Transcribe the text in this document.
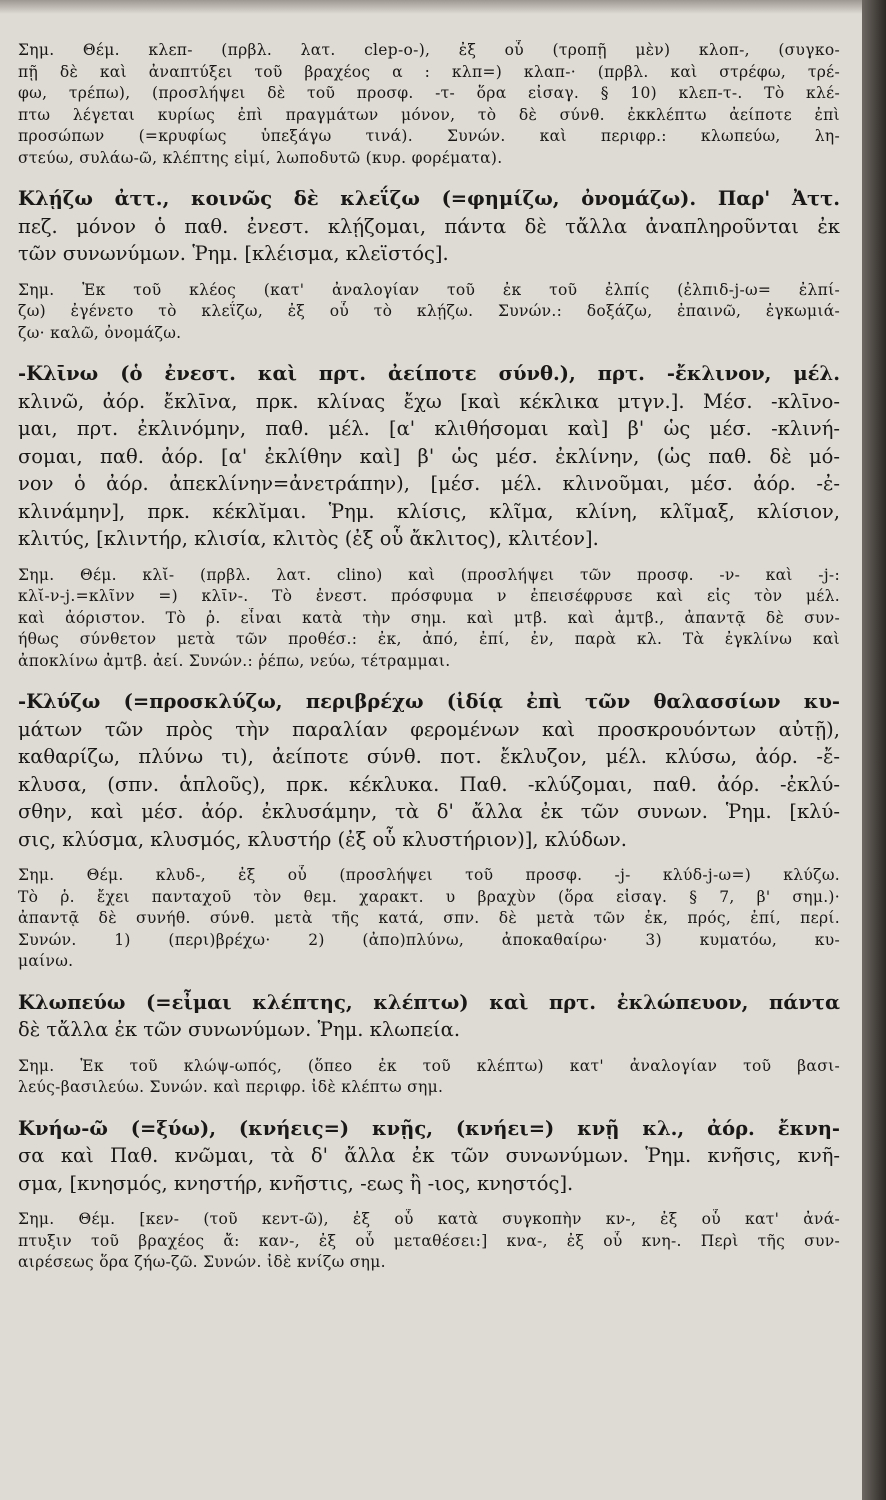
Σημ. Θέμ. κλεπ- (πρβλ. λατ. clep-o-), ἐξ οὗ (τροπῇ μὲν) κλοπ-, (συγκο-
πῇ δὲ καὶ ἀναπτύξει τοῦ βραχέος α : κλπ=) κλαπ-· (πρβλ. καὶ στρέφω, τρέ-
φω, τρέπω), (προσλήψει δὲ τοῦ προσφ. -τ- ὅρα εἰσαγ. § 10) κλεπ-τ-. Τὸ κλέ-
πτω λέγεται κυρίως ἐπὶ πραγμάτων μόνον, τὸ δὲ σύνθ. ἐκκλέπτω ἀείποτε ἐπὶ
προσώπων (=κρυφίως ὑπεξάγω τινά). Συνών. καὶ περιφρ.: κλωπεύω, λη-
στεύω, συλάω-ῶ, κλέπτης εἰμί, λωποδυτῶ (κυρ. φορέματα).
Κλῄζω ἀττ., κοινῶς δὲ κλεΐζω (=φημίζω, ὀνομάζω). Παρ' Ἀττ.
πεζ. μόνον ὁ παθ. ἐνεστ. κλῄζομαι, πάντα δὲ τἄλλα ἀναπληροῦνται ἐκ
τῶν συνωνύμων. Ῥημ. [κλέισμα, κλεϊστός].
Σημ. Ἐκ τοῦ κλέος (κατ' ἀναλογίαν τοῦ ἐκ τοῦ ἐλπίς (ἐλπιδ-j-ω= ἐλπί-
ζω) ἐγένετο τὸ κλεΐζω, ἐξ οὗ τὸ κλῄζω. Συνών.: δοξάζω, ἐπαινῶ, ἐγκωμιά-
ζω· καλῶ, ὀνομάζω.
-Κλῑνω (ὁ ἐνεστ. καὶ πρτ. ἀείποτε σύνθ.), πρτ. -ἔκλινον, μέλ.
κλινῶ, ἀόρ. ἔκλῑνα, πρκ. κλίνας ἔχω [καὶ κέκλικα μτγν.]. Μέσ. -κλῑνο-
μαι, πρτ. ἐκλινόμην, παθ. μέλ. [α' κλιθήσομαι καὶ] β' ὡς μέσ. -κλινή-
σομαι, παθ. ἀόρ. [α' ἐκλίθην καὶ] β' ὡς μέσ. ἐκλίνην, (ὡς παθ. δὲ μό-
νον ὁ ἀόρ. ἀπεκλίνην=ἀνετράπην), [μέσ. μέλ. κλινοῦμαι, μέσ. ἀόρ. -ἐ-
κλινάμην], πρκ. κέκλῐμαι. Ῥημ. κλίσις, κλῖμα, κλίνη, κλῖμαξ, κλίσιον,
κλιτύς, [κλιντήρ, κλισία, κλιτὸς (ἐξ οὗ ἄκλιτος), κλιτέον].
Σημ. Θέμ. κλῐ- (πρβλ. λατ. clino) καὶ (προσλήψει τῶν προσφ. -ν- καὶ -j-:
κλῐ-ν-j.=κλῖνν =) κλῑν-. Τὸ ἐνεστ. πρόσφυμα ν ἐπεισέφρυσε καὶ εἰς τὸν μέλ.
καὶ ἀόριστον. Τὸ ῥ. εἶναι κατὰ τὴν σημ. καὶ μτβ. καὶ ἀμτβ., ἀπαντᾷ δὲ συν-
ήθως σύνθετον μετὰ τῶν προθέσ.: ἐκ, ἀπό, ἐπί, ἐν, παρὰ κλ. Τὰ ἐγκλίνω καὶ
ἀποκλίνω ἀμτβ. ἀεί. Συνών.: ῥέπω, νεύω, τέτραμμαι.
-Κλύζω (=προσκλύζω, περιβρέχω (ἰδίᾳ ἐπὶ τῶν θαλασσίων κυ-
μάτων τῶν πρὸς τὴν παραλίαν φερομένων καὶ προσκρουόντων αὐτῇ),
καθαρίζω, πλύνω τι), ἀείποτε σύνθ. ποτ. ἔκλυζον, μέλ. κλύσω, ἀόρ. -ἔ-
κλυσα, (σπν. ἁπλοῦς), πρκ. κέκλυκα. Παθ. -κλύζομαι, παθ. ἀόρ. -ἐκλύ-
σθην, καὶ μέσ. ἀόρ. ἐκλυσάμην, τὰ δ' ἄλλα ἐκ τῶν συνων. Ῥημ. [κλύ-
σις, κλύσμα, κλυσμός, κλυστήρ (ἐξ οὗ κλυστήριον)], κλύδων.
Σημ. Θέμ. κλυδ-, ἐξ οὗ (προσλήψει τοῦ προσφ. -j- κλύδ-j-ω=) κλύζω.
Τὸ ῥ. ἔχει πανταχοῦ τὸν θεμ. χαρακτ. υ βραχὺν (ὅρα εἰσαγ. § 7, β' σημ.)·
ἀπαντᾷ δὲ συνήθ. σύνθ. μετὰ τῆς κατά, σπν. δὲ μετὰ τῶν ἐκ, πρός, ἐπί, περί.
Συνών. 1) (περι)βρέχω· 2) (ἀπο)πλύνω, ἀποκαθαίρω· 3) κυματόω, κυ-
μαίνω.
Κλωπεύω (=εἶμαι κλέπτης, κλέπτω) καὶ πρτ. ἐκλώπευον, πάντα
δὲ τἄλλα ἐκ τῶν συνωνύμων. Ῥημ. κλωπεία.
Σημ. Ἐκ τοῦ κλώψ-ωπός, (ὅπεο ἐκ τοῦ κλέπτω) κατ' ἀναλογίαν τοῦ βασι-
λεύς-βασιλεύω. Συνών. καὶ περιφρ. ἰδὲ κλέπτω σημ.
Κνήω-ῶ (=ξύω), (κνήεις=) κνῇς, (κνήει=) κνῇ κλ., ἀόρ. ἔκνη-
σα καὶ Παθ. κνῶμαι, τὰ δ' ἄλλα ἐκ τῶν συνωνύμων. Ῥημ. κνῆσις, κνῆ-
σμα, [κνησμός, κνηστήρ, κνῆστις, -εως ἢ -ιος, κνηστός].
Σημ. Θέμ. [κεν- (τοῦ κεντ-ῶ), ἐξ οὗ κατὰ συγκοπὴν κν-, ἐξ οὗ κατ' ἀνά-
πτυξιν τοῦ βραχέος ἄ: καν-, ἐξ οὗ μεταθέσει:] κνα-, ἐξ οὗ κνη-. Περὶ τῆς συν-
αιρέσεως ὅρα ζήω-ζῶ. Συνών. ἰδὲ κνίζω σημ.
